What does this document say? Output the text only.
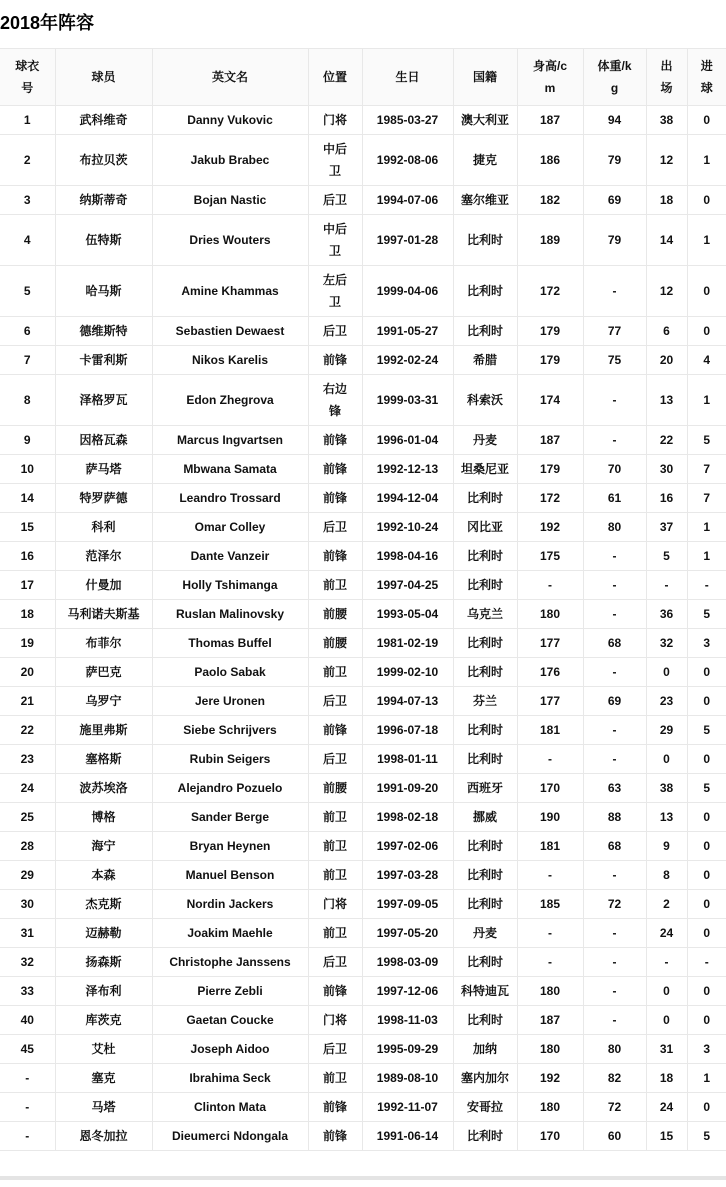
2018年阵容
球衣号	球员	英文名	位置	生日	国籍	身高/cm	体重/kg	出场	进球
1	武科维奇	Danny Vukovic	门将	1985-03-27	澳大利亚	187	94	38	0
2	布拉贝茨	Jakub Brabec	中后卫	1992-08-06	捷克	186	79	12	1
3	纳斯蒂奇	Bojan Nastic	后卫	1994-07-06	塞尔维亚	182	69	18	0
4	伍特斯	Dries Wouters	中后卫	1997-01-28	比利时	189	79	14	1
5	哈马斯	Amine Khammas	左后卫	1999-04-06	比利时	172	-	12	0
6	德维斯特	Sebastien Dewaest	后卫	1991-05-27	比利时	179	77	6	0
7	卡雷利斯	Nikos Karelis	前锋	1992-02-24	希腊	179	75	20	4
8	泽格罗瓦	Edon Zhegrova	右边锋	1999-03-31	科索沃	174	-	13	1
9	因格瓦森	Marcus Ingvartsen	前锋	1996-01-04	丹麦	187	-	22	5
10	萨马塔	Mbwana Samata	前锋	1992-12-13	坦桑尼亚	179	70	30	7
14	特罗萨德	Leandro Trossard	前锋	1994-12-04	比利时	172	61	16	7
15	科利	Omar Colley	后卫	1992-10-24	冈比亚	192	80	37	1
16	范泽尔	Dante Vanzeir	前锋	1998-04-16	比利时	175	-	5	1
17	什曼加	Holly Tshimanga	前卫	1997-04-25	比利时	-	-	-	-
18	马利诺夫斯基	Ruslan Malinovsky	前腰	1993-05-04	乌克兰	180	-	36	5
19	布菲尔	Thomas Buffel	前腰	1981-02-19	比利时	177	68	32	3
20	萨巴克	Paolo Sabak	前卫	1999-02-10	比利时	176	-	0	0
21	乌罗宁	Jere Uronen	后卫	1994-07-13	芬兰	177	69	23	0
22	施里弗斯	Siebe Schrijvers	前锋	1996-07-18	比利时	181	-	29	5
23	塞格斯	Rubin Seigers	后卫	1998-01-11	比利时	-	-	0	0
24	波苏埃洛	Alejandro Pozuelo	前腰	1991-09-20	西班牙	170	63	38	5
25	博格	Sander Berge	前卫	1998-02-18	挪威	190	88	13	0
28	海宁	Bryan Heynen	前卫	1997-02-06	比利时	181	68	9	0
29	本森	Manuel Benson	前卫	1997-03-28	比利时	-	-	8	0
30	杰克斯	Nordin Jackers	门将	1997-09-05	比利时	185	72	2	0
31	迈赫勒	Joakim Maehle	前卫	1997-05-20	丹麦	-	-	24	0
32	扬森斯	Christophe Janssens	后卫	1998-03-09	比利时	-	-	-	-
33	泽布利	Pierre Zebli	前锋	1997-12-06	科特迪瓦	180	-	0	0
40	库茨克	Gaetan Coucke	门将	1998-11-03	比利时	187	-	0	0
45	艾杜	Joseph Aidoo	后卫	1995-09-29	加纳	180	80	31	3
-	塞克	Ibrahima Seck	前卫	1989-08-10	塞内加尔	192	82	18	1
-	马塔	Clinton Mata	前锋	1992-11-07	安哥拉	180	72	24	0
-	恩冬加拉	Dieumerci Ndongala	前锋	1991-06-14	比利时	170	60	15	5
